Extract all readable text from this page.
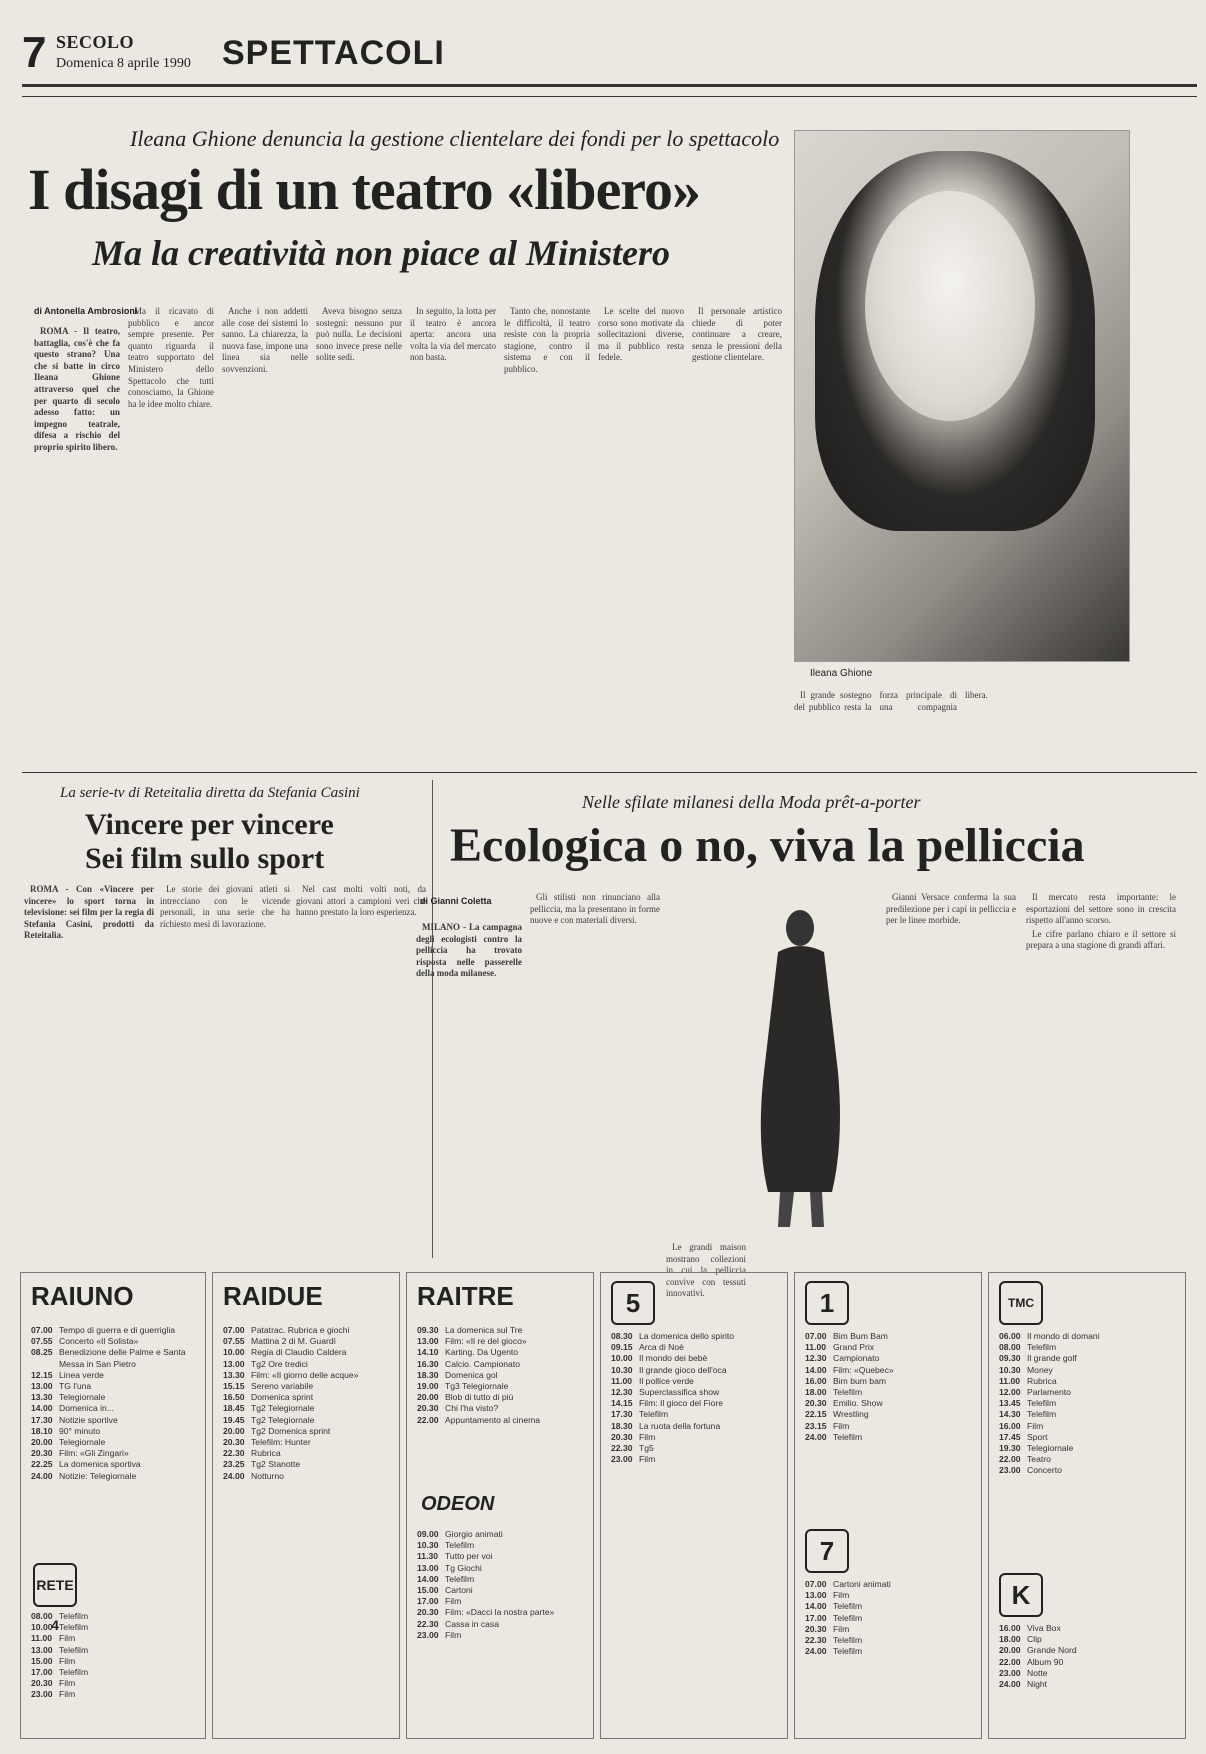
7 SECOLO
Domenica 8 aprile 1990 SPETTACOLI
Ileana Ghione denuncia la gestione clientelare dei fondi per lo spettacolo
I disagi di un teatro «libero»
Ma la creatività non piace al Ministero
Ileana Ghione
di Antonella Ambrosioni

ROMA - Il teatro, battaglia, cos'è che fa questo strano? Una che si batte in circo Ileana Ghione attraverso quel che per quarto di secolo adesso fatto: un impegno teatrale, difesa a rischio del proprio spirito libero.

Ma il ricavato di pubblico e ancor sempre presente. Per quanto riguarda il teatro supportato del Ministero dello Spettacolo che tutti conosciamo, la Ghione ha le idee molto chiare.

Anche i non addetti alle cose dei sistemi lo sanno. La chiarezza, la nuova fase, impone una linea sia nelle sovvenzioni.

Aveva bisogno senza sostegni: nessuno pur può nulla. Le decisioni sono invece prese nelle solite sedi.

In seguito, la lotta per il teatro è ancora aperta: ancora una volta la via del mercato non basta.

Tanto che, nonostante le difficoltà, il teatro resiste con la propria stagione, contro il sistema e con il pubblico.

Le scelte del nuovo corso sono motivate da sollecitazioni diverse, ma il pubblico resta fedele.

Il personale artistico chiede di poter continuare a creare, senza le pressioni della gestione clientelare.

Il grande sostegno del pubblico resta la forza principale di una compagnia libera.

La serie-tv di Reteitalia diretta da Stefania Casini
Vincere per vincere
Sei film sullo sport

ROMA - Con «Vincere per vincere» lo sport torna in televisione: sei film per la regia di Stefania Casini, prodotti da Reteitalia.

Le storie dei giovani atleti si intrecciano con le vicende personali, in una serie che ha richiesto mesi di lavorazione.

Nel cast molti volti noti, da giovani attori a campioni veri che hanno prestato la loro esperienza.

Nelle sfilate milanesi della Moda prêt-a-porter
Ecologica o no, viva la pelliccia
di Gianni Coletta

MILANO - La campagna degli ecologisti contro la pelliccia ha trovato risposta nelle passerelle della moda milanese.

Gli stilisti non rinunciano alla pelliccia, ma la presentano in forme nuove e con materiali diversi.

Le grandi maison mostrano collezioni in cui la pelliccia convive con tessuti innovativi.

Gianni Versace conferma la sua predilezione per i capi in pelliccia e per le linee morbide.

Il mercato resta importante: le esportazioni del settore sono in crescita rispetto all'anno scorso.

Le cifre parlano chiaro e il settore si prepara a una stagione di grandi affari.

RAIUNO
07.00 Tempo di guerra e di guerriglia
07.55 Concerto «Il Solista»
08.25 Benedizione delle Palme e Santa Messa in San Pietro
12.15 Linea verde
13.00 TG l'una
13.30 Telegiornale
14.00 Domenica in...
17.30 Notizie sportive
18.10 90° minuto
20.00 Telegiornale
20.30 Film: «Gli Zingari»
22.25 La domenica sportiva
24.00 Notizie: Telegiornale
RETE 4
08.00 Telefilm
10.00 Telefilm
11.00 Film
13.00 Telefilm
15.00 Film
17.00 Telefilm
20.30 Film
23.00 Film
RAIDUE
07.00 Patatrac. Rubrica e giochi
07.55 Mattina 2 di M. Guardì
10.00 Regia di Claudio Caldera
13.00 Tg2 Ore tredici
13.30 Film: «Il giorno delle acque»
15.15 Sereno variabile
16.50 Domenica sprint
18.45 Tg2 Telegiornale
19.45 Tg2 Telegiornale
20.00 Tg2 Domenica sprint
20.30 Telefilm: Hunter
22.30 Rubrica
23.25 Tg2 Stanotte
24.00 Notturno
RAITRE
09.30 La domenica sul Tre
13.00 Film: «Il re del gioco»
14.10 Karting. Da Ugento
16.30 Calcio. Campionato
18.30 Domenica gol
19.00 Tg3 Telegiornale
20.00 Blob di tutto di più
20.30 Chi l'ha visto?
22.00 Appuntamento al cinema
ODEON
09.00 Giorgio animati
10.30 Telefilm
11.30 Tutto per voi
13.00 Tg Giochi
14.00 Telefilm
15.00 Cartoni
17.00 Film
20.30 Film: «Dacci la nostra parte»
22.30 Cassa in casa
23.00 Film
5
08.30 La domenica dello spirito
09.15 Arca di Noè
10.00 Il mondo dei bebè
10.30 Il grande gioco dell'oca
11.00 Il pollice verde
12.30 Superclassifica show
14.15 Film: Il gioco del Fiore
17.30 Telefilm
18.30 La ruota della fortuna
20.30 Film
22.30 Tg5
23.00 Film
1
07.00 Bim Bum Bam
11.00 Grand Prix
12.30 Campionato
14.00 Film: «Quebec»
16.00 Bim bum bam
18.00 Telefilm
20.30 Emilio. Show
22.15 Wrestling
23.15 Film
24.00 Telefilm
7
07.00 Cartoni animati
13.00 Film
14.00 Telefilm
17.00 Telefilm
20.30 Film
22.30 Telefilm
24.00 Telefilm
TMC
06.00 Il mondo di domani
08.00 Telefilm
09.30 Il grande golf
10.30 Money
11.00 Rubrica
12.00 Parlamento
13.45 Telefilm
14.30 Telefilm
16.00 Film
17.45 Sport
19.30 Telegiornale
22.00 Teatro
23.00 Concerto
K
16.00 Viva Box
18.00 Clip
20.00 Grande Nord
22.00 Album 90
23.00 Notte
24.00 Night
